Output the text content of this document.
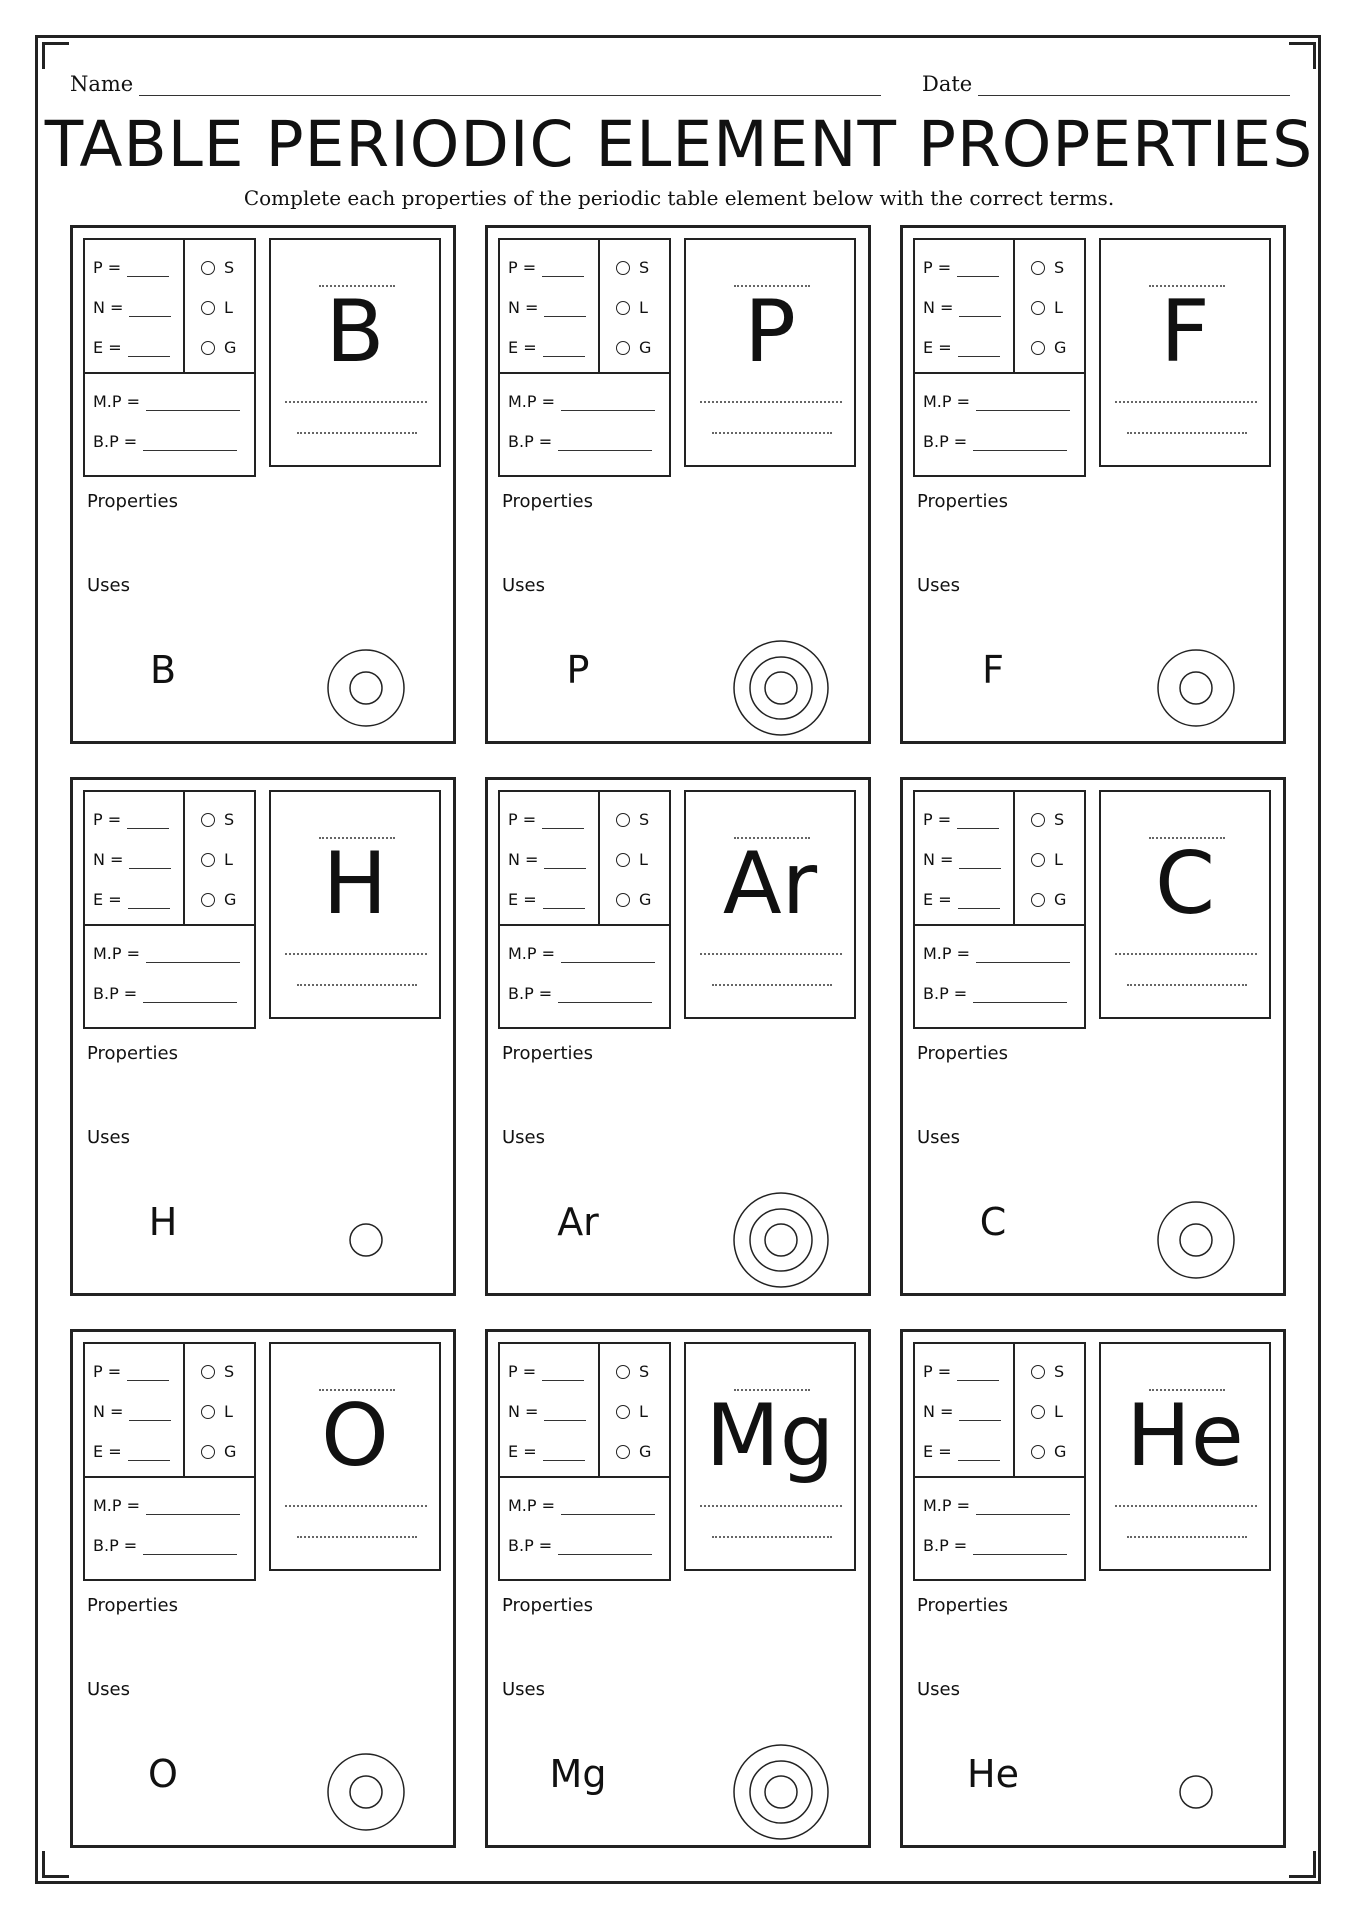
Name	Date
TABLE PERIODIC ELEMENT PROPERTIES
Complete each properties of the periodic table element below with the correct terms.
P =
N =
E =
S
L
G
M.P =
B.P =
B
Properties
Uses
B
P =
N =
E =
S
L
G
M.P =
B.P =
P
Properties
Uses
P
P =
N =
E =
S
L
G
M.P =
B.P =
F
Properties
Uses
F
P =
N =
E =
S
L
G
M.P =
B.P =
H
Properties
Uses
H
P =
N =
E =
S
L
G
M.P =
B.P =
Ar
Properties
Uses
Ar
P =
N =
E =
S
L
G
M.P =
B.P =
C
Properties
Uses
C
P =
N =
E =
S
L
G
M.P =
B.P =
O
Properties
Uses
O
P =
N =
E =
S
L
G
M.P =
B.P =
Mg
Properties
Uses
Mg
P =
N =
E =
S
L
G
M.P =
B.P =
He
Properties
Uses
He
